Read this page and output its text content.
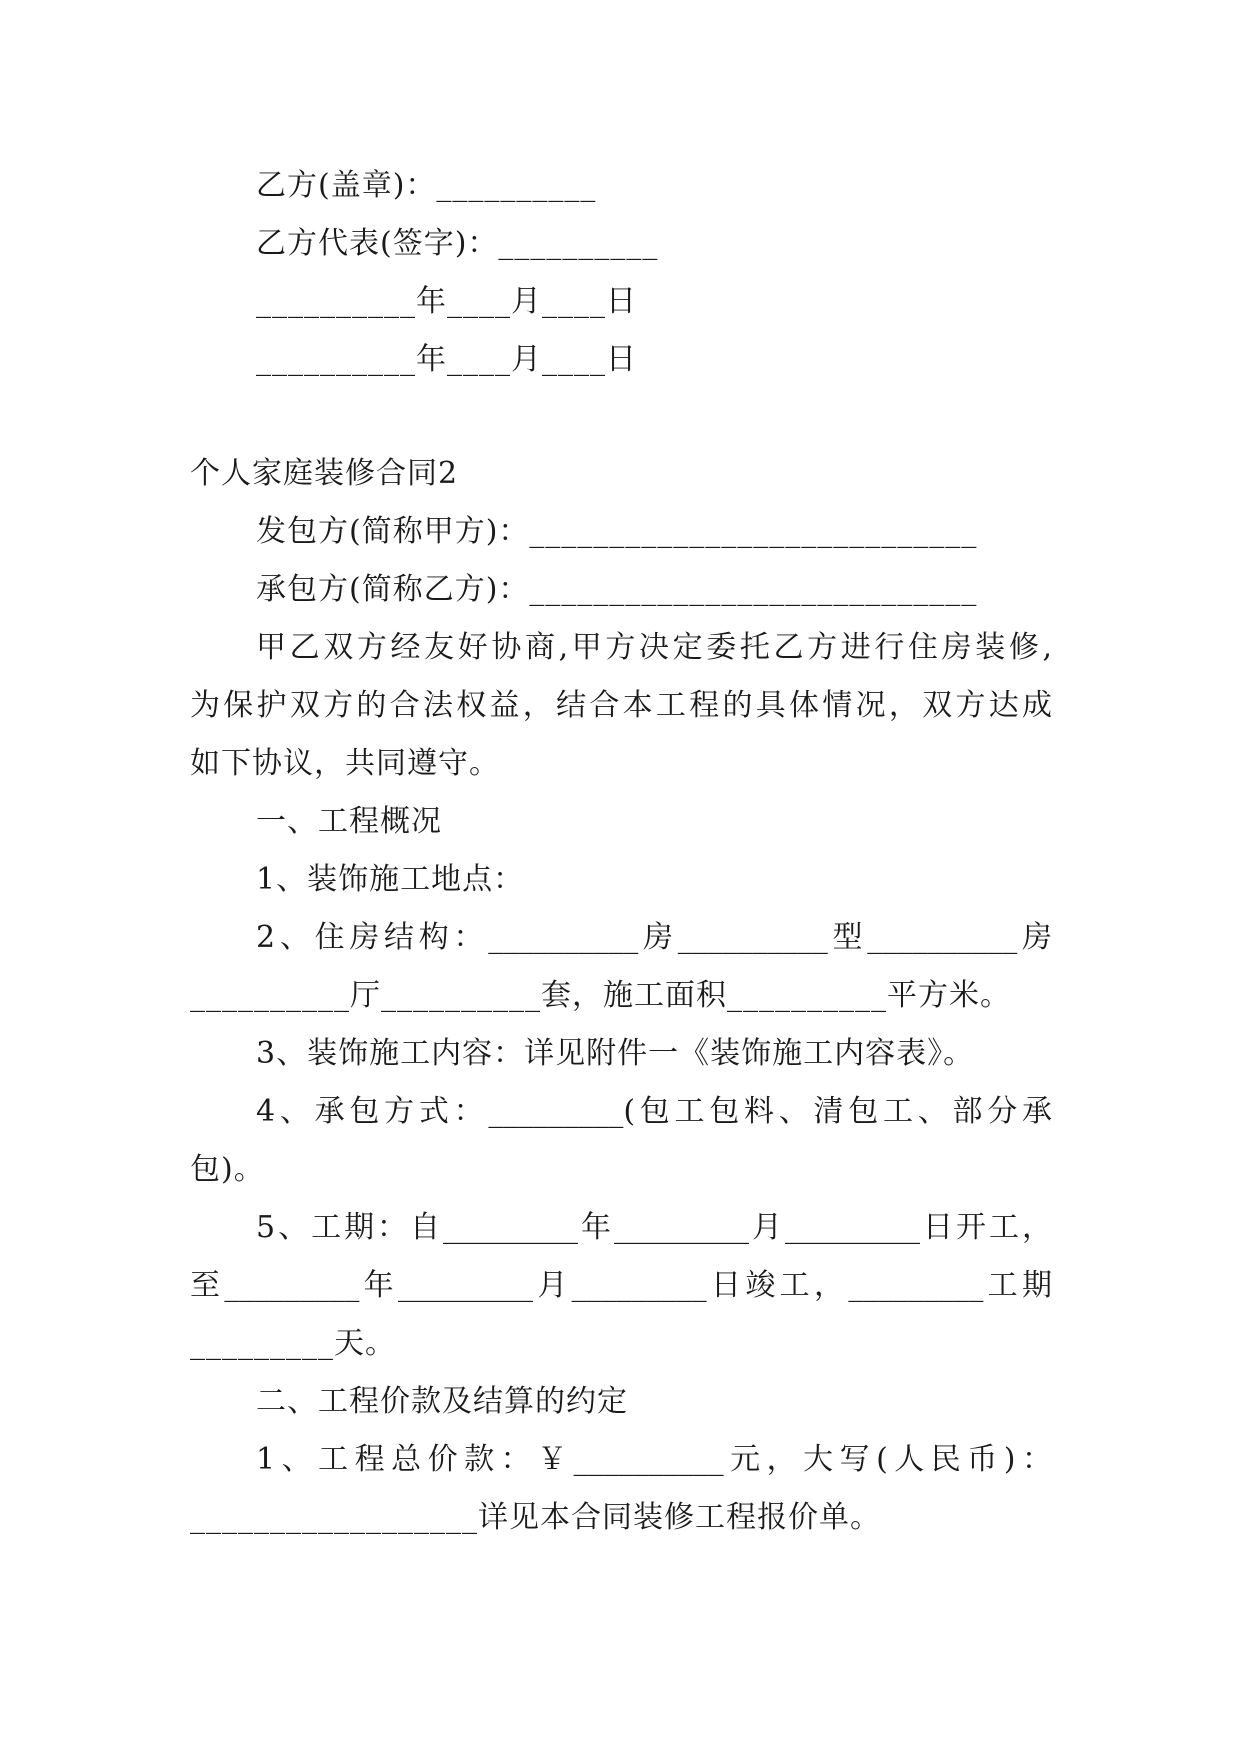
乙方(盖章)：__________
乙方代表(签字)：__________
__________年____月____日
__________年____月____日
个人家庭装修合同2
发包方(简称甲方)：____________________________
承包方(简称乙方)：____________________________
甲乙双方经友好协商,甲方决定委托乙方进行住房装修,
为保护双方的合法权益，结合本工程的具体情况，双方达成
如下协议，共同遵守。
一、工程概况
1、装饰施工地点：
2、住房结构：__________房__________型__________房
__________厅__________套，施工面积__________平方米。
3、装饰施工内容：详见附件一《装饰施工内容表》。
4、承包方式：_________(包工包料、清包工、部分承
包)。
5、工期：自_________年_________月_________日开工，
至_________年_________月_________日竣工，_________工期
_________天。
二、工程价款及结算的约定
1、工程总价款：￥__________元，大写(人民币)：
__________________详见本合同装修工程报价单。
